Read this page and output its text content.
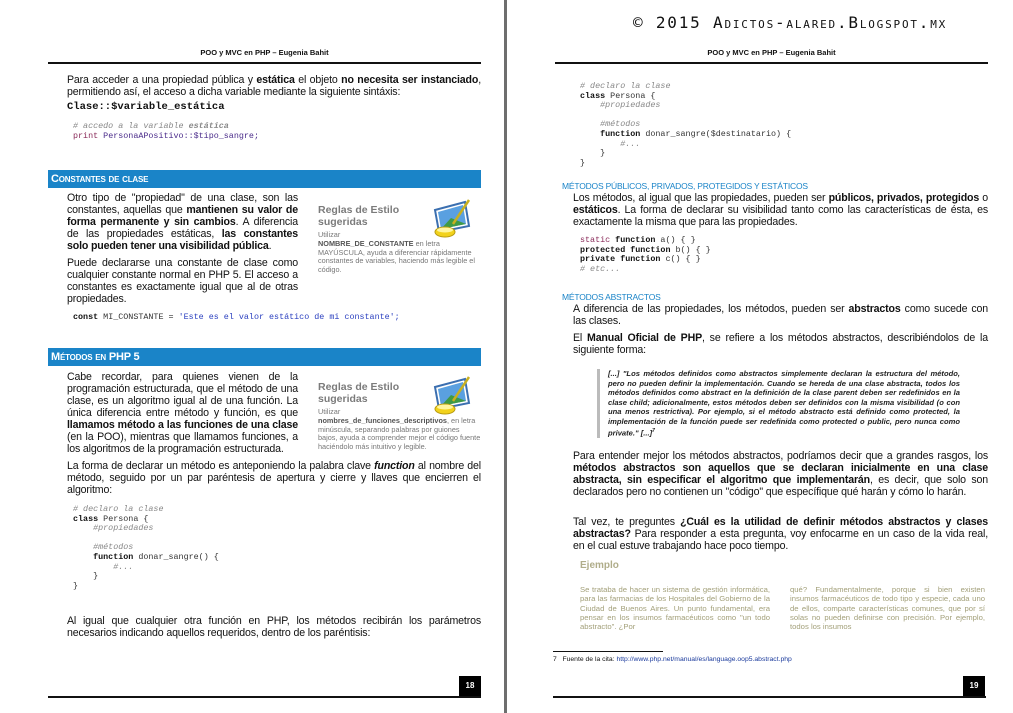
POO y MVC en PHP – Eugenia Bahit
Para acceder a una propiedad pública y estática el objeto no necesita ser instanciado, permitiendo así, el acceso a dicha variable mediante la siguiente sintáxis:
Clase::$variable_estática
# accedo a la variable estática
print PersonaAPositivo::$tipo_sangre;
Constantes de clase
Otro tipo de "propiedad" de una clase, son las constantes, aquellas que mantienen su valor de forma permanente y sin cambios. A diferencia de las propiedades estáticas, las constantes solo pueden tener una visibilidad pública.
Puede declararse una constante de clase como cualquier constante normal en PHP 5. El acceso a constantes es exactamente igual que al de otras propiedades.
Reglas de Estilo sugeridas
Utilizar
NOMBRE_DE_CONSTANTE en letra MAYÚSCULA, ayuda a diferenciar rápidamente constantes de variables, haciendo más legible el código.
const MI_CONSTANTE = 'Este es el valor estático de mi constante';
Métodos en PHP 5
Cabe recordar, para quienes vienen de la programación estructurada, que el método de una clase, es un algoritmo igual al de una función. La única diferencia entre método y función, es que llamamos método a las funciones de una clase (en la POO), mientras que llamamos funciones, a los algoritmos de la programación estructurada.
Reglas de Estilo sugeridas
Utilizar
nombres_de_funciones_descriptivos, en letra minúscula, separando palabras por guiones bajos, ayuda a comprender mejor el código fuente haciéndolo más intuitivo y legible.
La forma de declarar un método es anteponiendo la palabra clave function al nombre del método, seguido por un par paréntesis de apertura y cierre y llaves que encierren el algoritmo:
# declaro la clase
class Persona {
#propiedades

#métodos
function donar_sangre() {
#...
}
}
Al igual que cualquier otra función en PHP, los métodos recibirán los parámetros necesarios indicando aquellos requeridos, dentro de los paréntisis:
18
© 2015 Adictos-alared.Blogspot.mx
POO y MVC en PHP – Eugenia Bahit
# declaro la clase
class Persona {
#propiedades

#métodos
function donar_sangre($destinatario) {
#...
}
}
MÉTODOS PÚBLICOS, PRIVADOS, PROTEGIDOS Y ESTÁTICOS
Los métodos, al igual que las propiedades, pueden ser públicos, privados, protegidos o estáticos. La forma de declarar su visibilidad tanto como las características de ésta, es exactamente la misma que para las propiedades.
static function a() { }
protected function b() { }
private function c() { }
# etc...
MÉTODOS ABSTRACTOS
A diferencia de las propiedades, los métodos, pueden ser abstractos como sucede con las clases.
El Manual Oficial de PHP, se refiere a los métodos abstractos, describiéndolos de la siguiente forma:
[...] "Los métodos definidos como abstractos simplemente declaran la estructura del método, pero no pueden definir la implementación. Cuando se hereda de una clase abstracta, todos los métodos definidos como abstract en la definición de la clase parent deben ser redefinidos en la clase child; adicionalmente, estos métodos deben ser definidos con la misma visibilidad (o con una menos restrictiva). Por ejemplo, si el método abstracto está definido como protected, la implementación de la función puede ser redefinida como protected o public, pero nunca como private." [...]$^7$
Para entender mejor los métodos abstractos, podríamos decir que a grandes rasgos, los métodos abstractos son aquellos que se declaran inicialmente en una clase abstracta, sin especificar el algoritmo que implementarán, es decir, que solo son declarados pero no contienen un "código" que específique qué harán y cómo lo harán.
Tal vez, te preguntes ¿Cuál es la utilidad de definir métodos abstractos y clases abstractas? Para responder a esta pregunta, voy enfocarme en un caso de la vida real, en el cual estuve trabajando hace poco tiempo.
Ejemplo
Se trataba de hacer un sistema de gestión informática, para las farmacias de los Hospitales del Gobierno de la Ciudad de Buenos Aires. Un punto fundamental, era pensar en los insumos farmacéuticos como "un todo abstracto". ¿Por
qué? Fundamentalmente, porque si bien existen insumos farmacéuticos de todo tipo y especie, cada uno de ellos, comparte características comunes, que por sí solas no pueden definirse con precisión. Por ejemplo, todos los insumos
7 Fuente de la cita: http://www.php.net/manual/es/language.oop5.abstract.php
19
